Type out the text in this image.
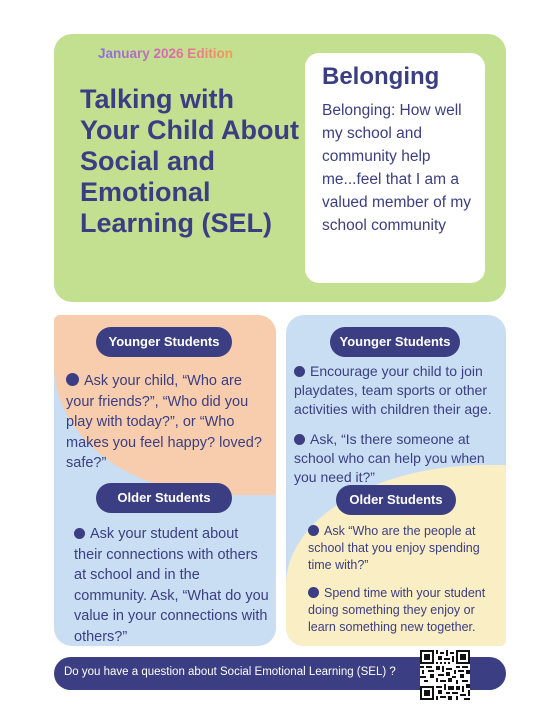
January 2026 Edition
Talking with Your Child About Social and Emotional Learning (SEL)
Belonging
Belonging: How well my school and community help me...feel that I am a valued member of my school community
Younger Students
Ask your child, “Who are your friends?”, “Who did you play with today?”, or “Who makes you feel happy? loved? safe?”
Older Students
Ask your student about their connections with others at school and in the community. Ask, “What do you value in your connections with others?”
Younger Students
Encourage your child to join playdates, team sports or other activities with children their age.
Ask, “Is there someone at school who can help you when you need it?”
Older Students
Ask “Who are the people at school that you enjoy spending time with?”
Spend time with your student doing something they enjoy or learn something new together.
Do you have a question about Social Emotional Learning (SEL) ?
